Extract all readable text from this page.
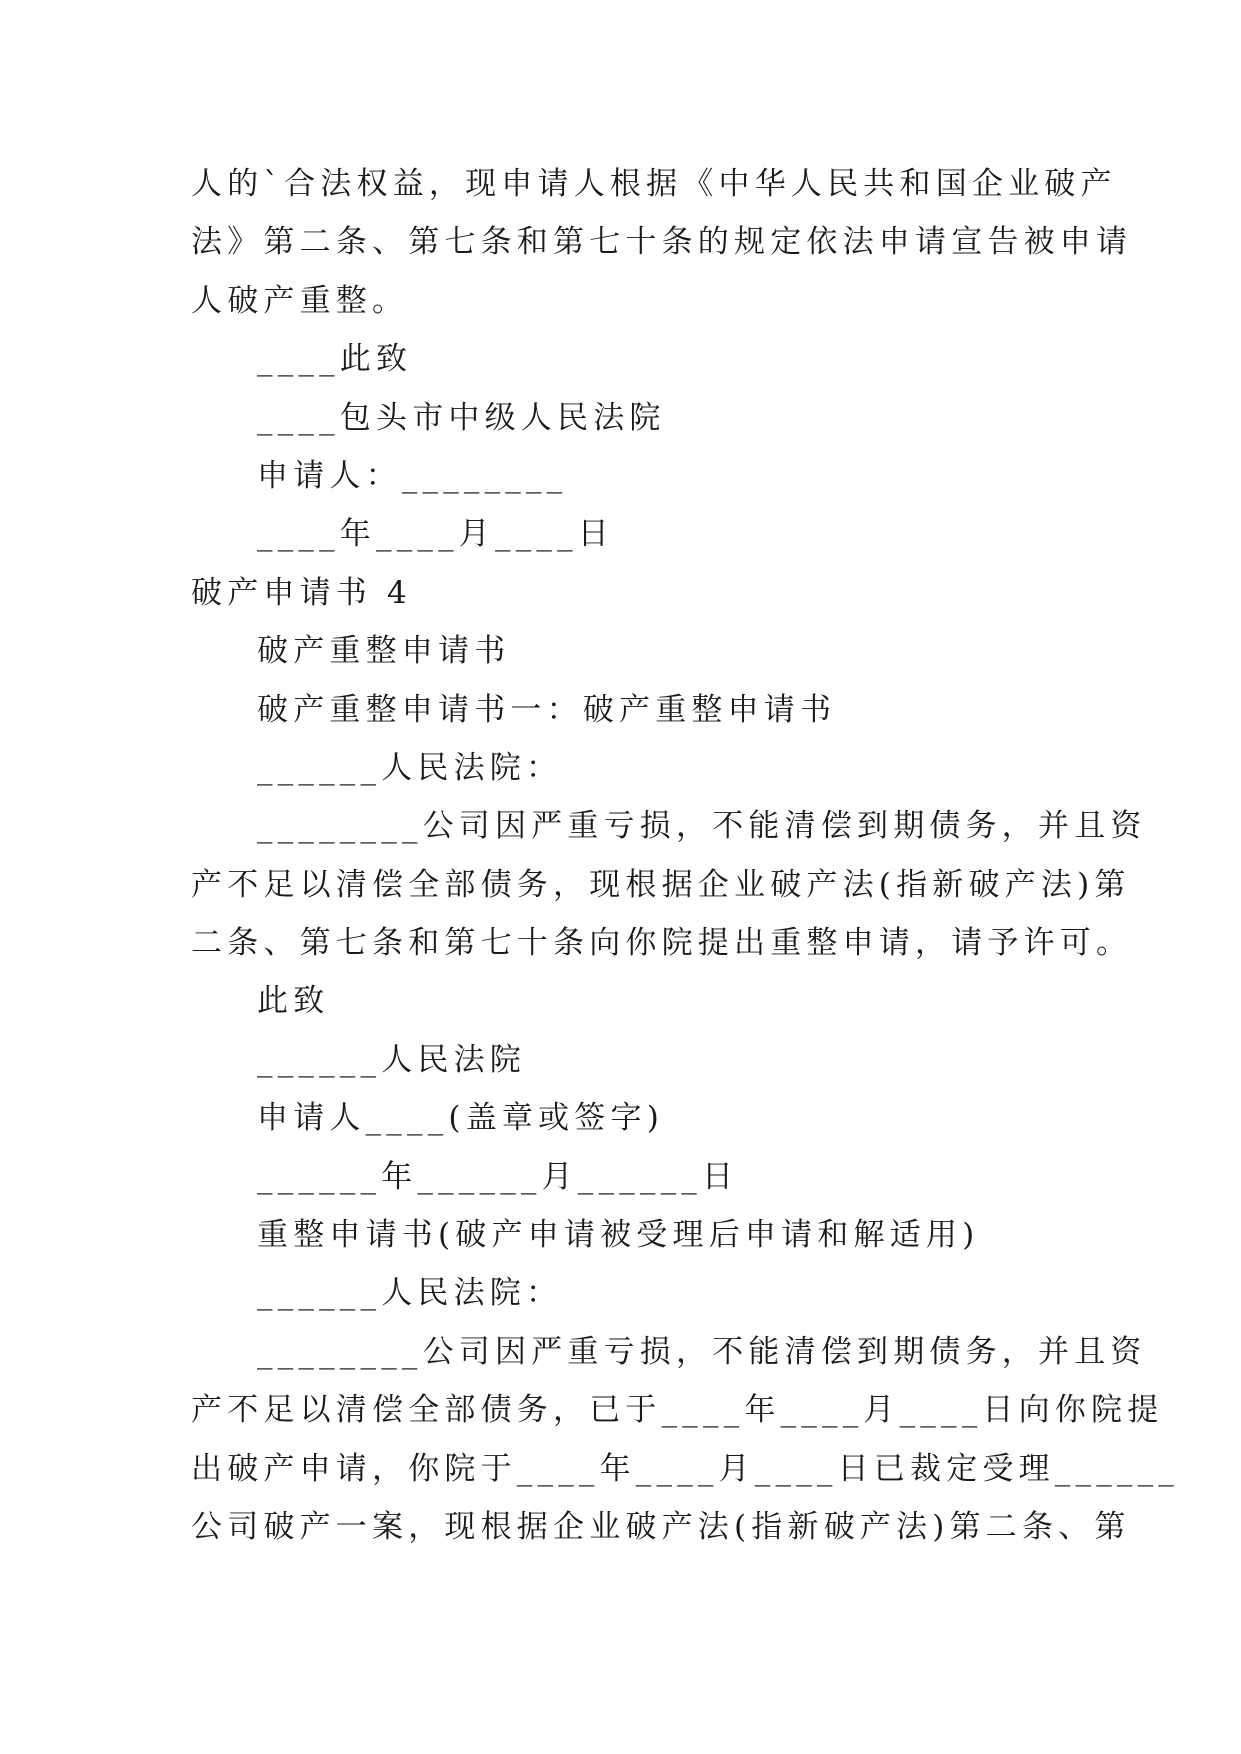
人的`合法权益，现申请人根据《中华人民共和国企业破产
法》第二条、第七条和第七十条的规定依法申请宣告被申请
人破产重整。
____此致
____包头市中级人民法院
申请人：________
____年____月____日
破产申请书 4
破产重整申请书
破产重整申请书一：破产重整申请书
______人民法院：
________公司因严重亏损，不能清偿到期债务，并且资
产不足以清偿全部债务，现根据企业破产法(指新破产法)第
二条、第七条和第七十条向你院提出重整申请，请予许可。
此致
______人民法院
申请人____(盖章或签字)
______年______月______日
重整申请书(破产申请被受理后申请和解适用)
______人民法院：
________公司因严重亏损，不能清偿到期债务，并且资
产不足以清偿全部债务，已于____年____月____日向你院提
出破产申请，你院于____年____月____日已裁定受理______
公司破产一案，现根据企业破产法(指新破产法)第二条、第
